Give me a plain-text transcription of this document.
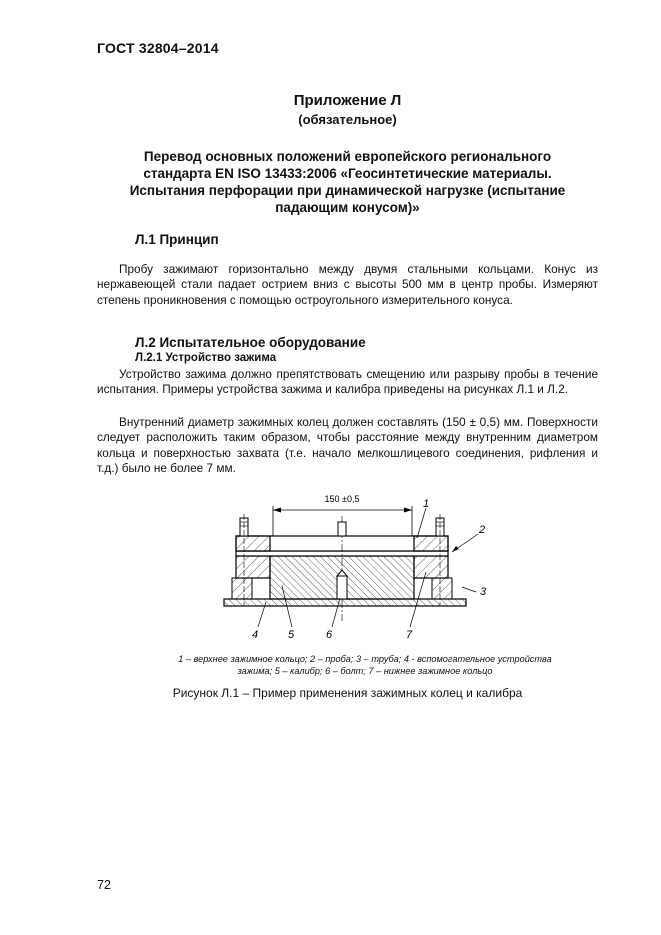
ГОСТ 32804–2014
Приложение Л
(обязательное)
Перевод основных положений европейского регионального
стандарта EN ISO 13433:2006 «Геосинтетические материалы.
Испытания перфорации при динамической нагрузке (испытание
падающим конусом)»
Л.1 Принцип
Пробу зажимают горизонтально между двумя стальными кольцами. Конус из нержавеющей стали падает острием вниз с высоты 500 мм в центр пробы. Измеряют степень проникновения с помощью остроугольного измерительного конуса.
Л.2 Испытательное оборудование
Л.2.1 Устройство зажима
Устройство зажима должно препятствовать смещению или разрыву пробы в течение испытания. Примеры устройства зажима и калибра приведены на рисунках Л.1 и Л.2.
Внутренний диаметр зажимных колец должен составлять (150 ± 0,5) мм. Поверхности следует расположить таким образом, чтобы расстояние между внутренним диаметром кольца и поверхностью захвата (т.е. начало мелкошлицевого соединения, рифления и т.д.) было не более 7 мм.
150 ±0,5	1
2
3
4	5	6	7
1 – верхнее зажимное кольцо; 2 – проба; 3 – труба; 4 - вспомогательное устройства
зажима; 5 – калибр; 6 – болт; 7 – нижнее зажимное кольцо
Рисунок Л.1 – Пример применения зажимных колец и калибра
72
